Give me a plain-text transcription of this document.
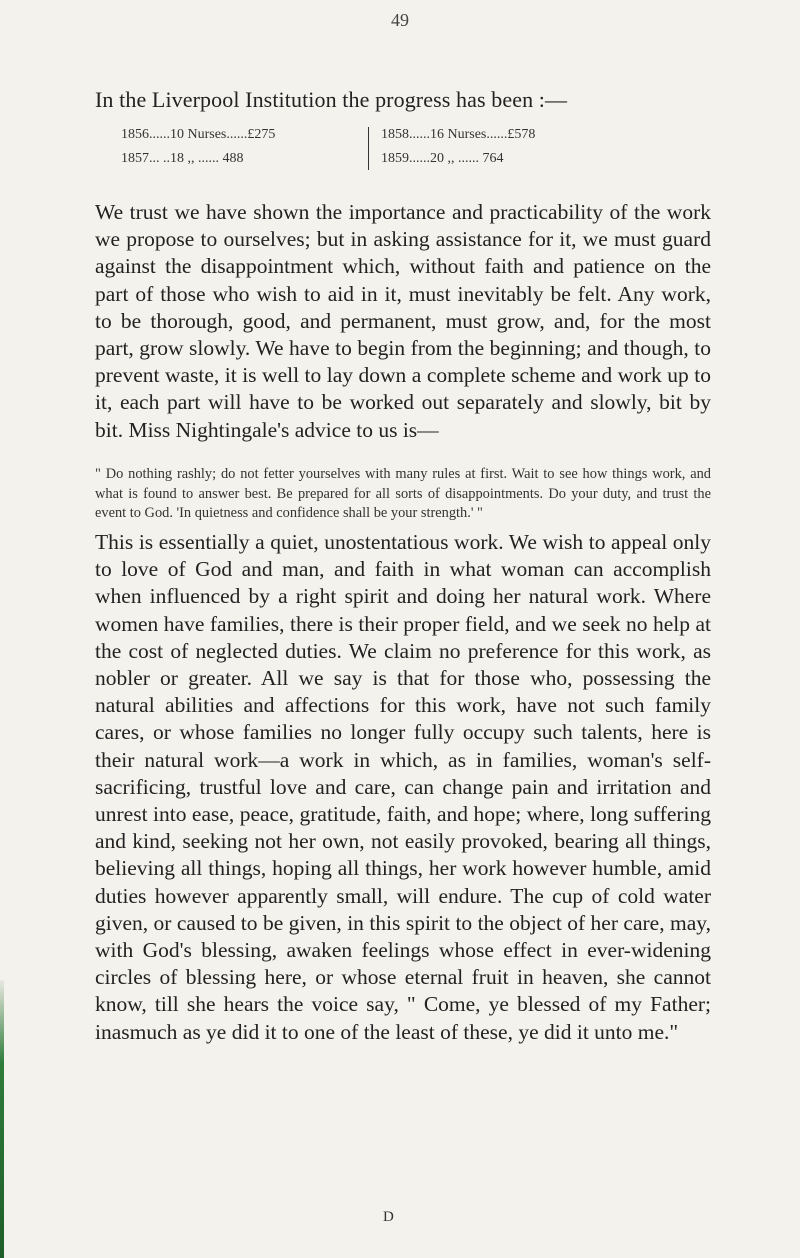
49
In the Liverpool Institution the progress has been :—
1856......10 Nurses......£275
1857... ..18 ,, ...... 488
1858......16 Nurses......£578
1859......20 ,, ...... 764
We trust we have shown the importance and practicability of the work we propose to ourselves; but in asking assistance for it, we must guard against the disappointment which, without faith and patience on the part of those who wish to aid in it, must inevitably be felt. Any work, to be thorough, good, and permanent, must grow, and, for the most part, grow slowly. We have to begin from the beginning; and though, to prevent waste, it is well to lay down a complete scheme and work up to it, each part will have to be worked out separately and slowly, bit by bit. Miss Nightingale's advice to us is—
" Do nothing rashly; do not fetter yourselves with many rules at first. Wait to see how things work, and what is found to answer best. Be prepared for all sorts of disappointments. Do your duty, and trust the event to God. 'In quietness and confidence shall be your strength.' "
This is essentially a quiet, unostentatious work. We wish to appeal only to love of God and man, and faith in what woman can accomplish when influenced by a right spirit and doing her natural work. Where women have families, there is their proper field, and we seek no help at the cost of neglected duties. We claim no preference for this work, as nobler or greater. All we say is that for those who, possessing the natural abilities and affections for this work, have not such family cares, or whose families no longer fully occupy such talents, here is their natural work—a work in which, as in families, woman's self-sacrificing, trustful love and care, can change pain and irritation and unrest into ease, peace, gratitude, faith, and hope; where, long suffering and kind, seeking not her own, not easily provoked, bearing all things, believing all things, hoping all things, her work however humble, amid duties however apparently small, will endure. The cup of cold water given, or caused to be given, in this spirit to the object of her care, may, with God's blessing, awaken feelings whose effect in ever-widening circles of blessing here, or whose eternal fruit in heaven, she cannot know, till she hears the voice say, " Come, ye blessed of my Father; inasmuch as ye did it to one of the least of these, ye did it unto me."
D
